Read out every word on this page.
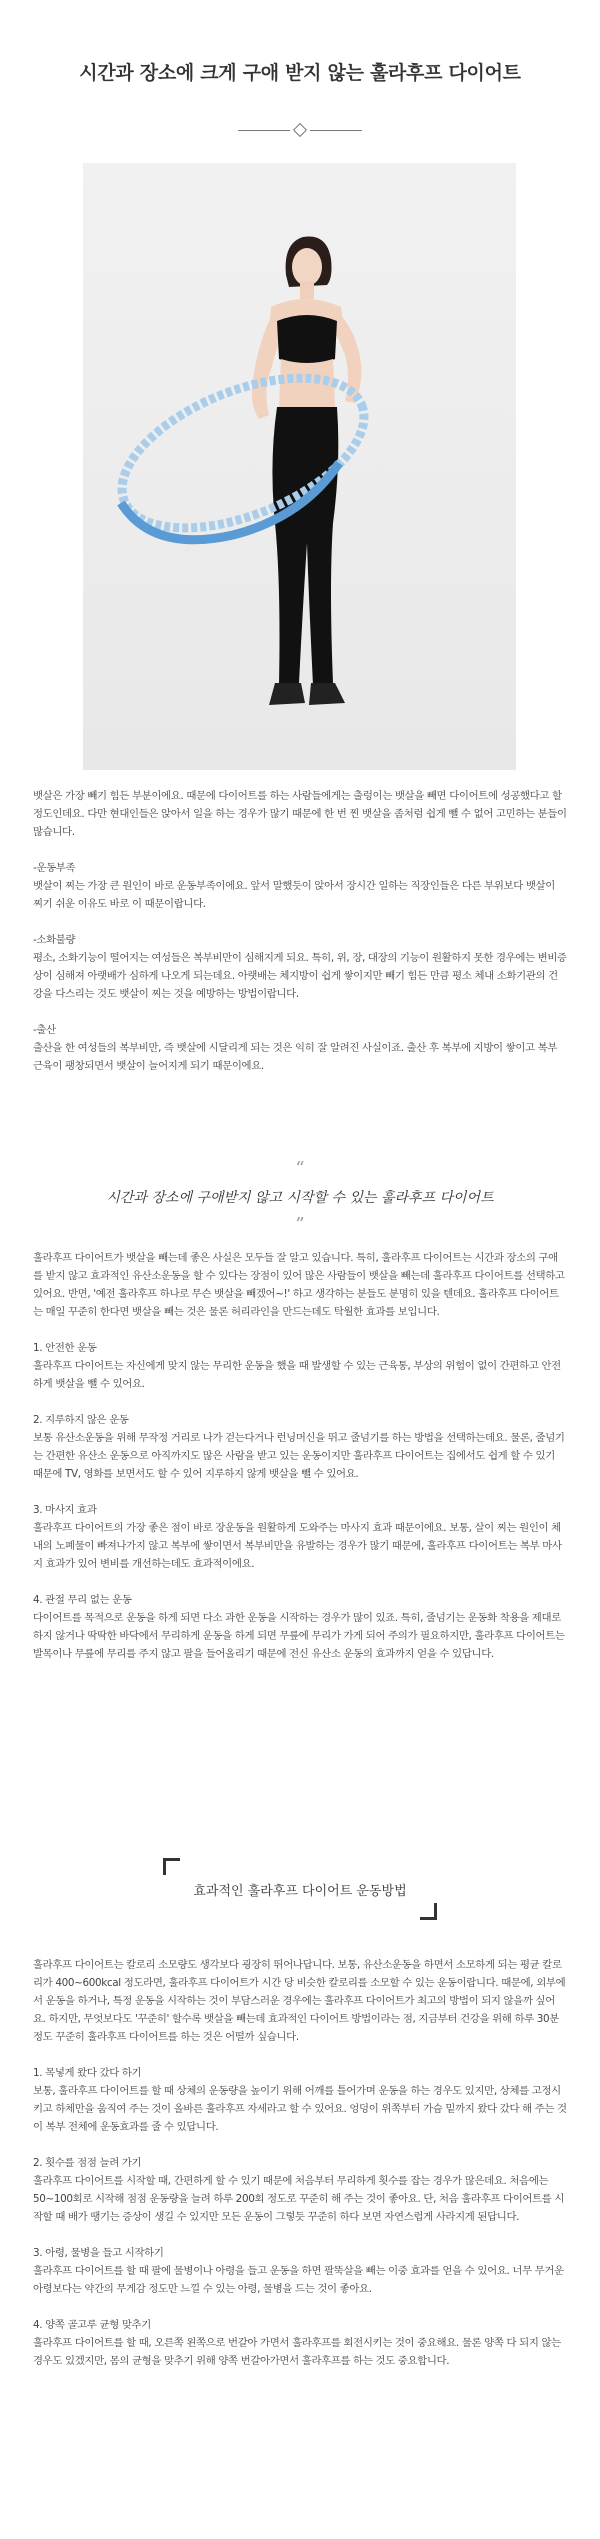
시간과 장소에 크게 구애 받지 않는 훌라후프 다이어트

뱃살은 가장 빼기 힘든 부분이에요. 때문에 다이어트를 하는 사람들에게는 출렁이는 뱃살을 빼면 다이어트에 성공했다고 할 정도인데요. 다만 현대인들은 앉아서 일을 하는 경우가 많기 때문에 한 번 찐 뱃살을 좀처럼 쉽게 뺄 수 없어 고민하는 분들이 많습니다.

-운동부족
뱃살이 찌는 가장 큰 원인이 바로 운동부족이에요. 앞서 말했듯이 앉아서 장시간 일하는 직장인들은 다른 부위보다 뱃살이 찌기 쉬운 이유도 바로 이 때문이랍니다.

-소화불량
평소, 소화기능이 떨어지는 여성들은 복부비만이 심해지게 되요. 특히, 위, 장, 대장의 기능이 원활하지 못한 경우에는 변비증상이 심해져 아랫배가 심하게 나오게 되는데요. 아랫배는 체지방이 쉽게 쌓이지만 빼기 힘든 만큼 평소 체내 소화기관의 건강을 다스리는 것도 뱃살이 찌는 것을 예방하는 방법이랍니다.

-출산
출산을 한 여성들의 복부비만, 즉 뱃살에 시달리게 되는 것은 익히 잘 알려진 사실이죠. 출산 후 복부에 지방이 쌓이고 복부 근육이 팽창되면서 뱃살이 늘어지게 되기 때문이에요.

“
시간과 장소에 구애받지 않고 시작할 수 있는 훌라후프 다이어트
”

훌라후프 다이어트가 뱃살을 빼는데 좋은 사실은 모두들 잘 알고 있습니다. 특히, 훌라후프 다이어트는 시간과 장소의 구애를 받지 않고 효과적인 유산소운동을 할 수 있다는 장점이 있어 많은 사람들이 뱃살을 빼는데 훌라후프 다이어트를 선택하고 있어요. 반면, '예전 훌라후프 하나로 무슨 뱃살을 빼겠어~!' 하고 생각하는 분들도 분명히 있을 텐데요. 훌라후프 다이어트는 매일 꾸준히 한다면 뱃살을 빼는 것은 물론 허리라인을 만드는데도 탁월한 효과를 보입니다.

1. 안전한 운동
훌라후프 다이어트는 자신에게 맞지 않는 무리한 운동을 했을 때 발생할 수 있는 근육통, 부상의 위험이 없이 간편하고 안전하게 뱃살을 뺄 수 있어요.

2. 지루하지 않은 운동
보통 유산소운동을 위해 무작정 거리로 나가 걷는다거나 런닝머신을 뛰고 줄넘기를 하는 방법을 선택하는데요. 물론, 줄넘기는 간편한 유산소 운동으로 아직까지도 많은 사람을 받고 있는 운동이지만 훌라후프 다이어트는 집에서도 쉽게 할 수 있기 때문에 TV, 영화를 보면서도 할 수 있어 지루하지 않게 뱃살을 뺄 수 있어요.

3. 마사지 효과
훌라후프 다이어트의 가장 좋은 점이 바로 장운동을 원활하게 도와주는 마사지 효과 때문이에요. 보통, 살이 찌는 원인이 체내의 노폐물이 빠져나가지 않고 복부에 쌓이면서 복부비만을 유발하는 경우가 많기 때문에, 훌라후프 다이어트는 복부 마사지 효과가 있어 변비를 개선하는데도 효과적이에요.

4. 관절 무리 없는 운동
다이어트를 목적으로 운동을 하게 되면 다소 과한 운동을 시작하는 경우가 많이 있죠. 특히, 줄넘기는 운동화 착용을 제대로 하지 않거나 딱딱한 바닥에서 무리하게 운동을 하게 되면 무릎에 무리가 가게 되어 주의가 필요하지만, 훌라후프 다이어트는 발목이나 무릎에 무리를 주지 않고 팔을 들어올리기 때문에 전신 유산소 운동의 효과까지 얻을 수 있답니다.

효과적인 훌라후프 다이어트 운동방법

훌라후프 다이어트는 칼로리 소모량도 생각보다 굉장히 뛰어나답니다. 보통, 유산소운동을 하면서 소모하게 되는 평균 칼로리가 400~600kcal 정도라면, 훌라후프 다이어트가 시간 당 비슷한 칼로리를 소모할 수 있는 운동이랍니다. 때문에, 외부에서 운동을 하거나, 특정 운동을 시작하는 것이 부담스러운 경우에는 훌라후프 다이어트가 최고의 방법이 되지 않을까 싶어요. 하지만, 무엇보다도 '꾸준히' 할수록 뱃살을 빼는데 효과적인 다이어트 방법이라는 점, 지금부터 건강을 위해 하루 30분 정도 꾸준히 훌라후프 다이어트를 하는 것은 어떨까 싶습니다.

1. 목넣게 왔다 갔다 하기
보통, 훌라후프 다이어트를 할 때 상체의 운동량을 높이기 위해 어깨를 틀어가며 운동을 하는 경우도 있지만, 상체를 고정시키고 하체만을 움직여 주는 것이 올바른 훌라후프 자세라고 할 수 있어요. 엉덩이 위쪽부터 가슴 밑까지 왔다 갔다 해 주는 것이 복부 전체에 운동효과를 줄 수 있답니다.

2. 횟수를 점점 늘려 가기
훌라후프 다이어트를 시작할 때, 간편하게 할 수 있기 때문에 처음부터 무리하게 횟수를 잡는 경우가 많은데요. 처음에는 50~100회로 시작해 점점 운동량을 늘려 하루 200회 정도로 꾸준히 해 주는 것이 좋아요. 단, 처음 훌라후프 다이어트를 시작할 때 배가 땡기는 증상이 생길 수 있지만 모든 운동이 그렇듯 꾸준히 하다 보면 자연스럽게 사라지게 된답니다.

3. 아령, 물병을 들고 시작하기
훌라후프 다이어트를 할 때 팔에 물병이나 아령을 들고 운동을 하면 팔뚝살을 빼는 이중 효과를 얻을 수 있어요. 너무 무거운 아령보다는 약간의 무게감 정도만 느낄 수 있는 아령, 물병을 드는 것이 좋아요.

4. 양쪽 골고루 균형 맞추기
훌라후프 다이어트를 할 때, 오른쪽 왼쪽으로 번갈아 가면서 훌라후프를 회전시키는 것이 중요해요. 물론 양쪽 다 되지 않는 경우도 있겠지만, 몸의 균형을 맞추기 위해 양쪽 번갈아가면서 훌라후프를 하는 것도 중요합니다.
